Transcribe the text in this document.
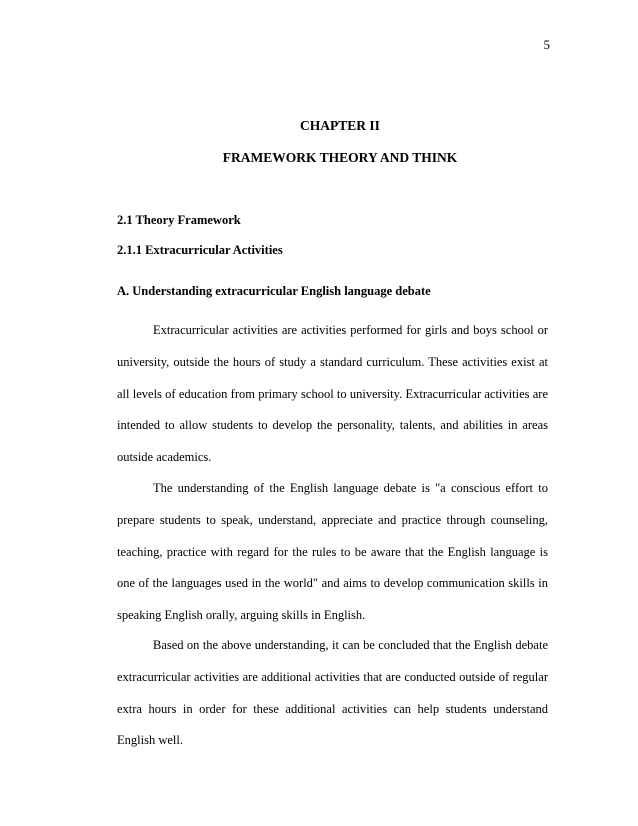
5
CHAPTER II
FRAMEWORK THEORY AND THINK
2.1 Theory Framework
2.1.1 Extracurricular Activities
A. Understanding extracurricular English language debate

Extracurricular activities are activities performed for girls and boys school or university, outside the hours of study a standard curriculum. These activities exist at all levels of education from primary school to university. Extracurricular activities are intended to allow students to develop the personality, talents, and abilities in areas outside academics.

The understanding of the English language debate is "a conscious effort to prepare students to speak, understand, appreciate and practice through counseling, teaching, practice with regard for the rules to be aware that the English language is one of the languages used in the world" and aims to develop communication skills in speaking English orally, arguing skills in English.

Based on the above understanding, it can be concluded that the English debate extracurricular activities are additional activities that are conducted outside of regular extra hours in order for these additional activities can help students understand English well.
